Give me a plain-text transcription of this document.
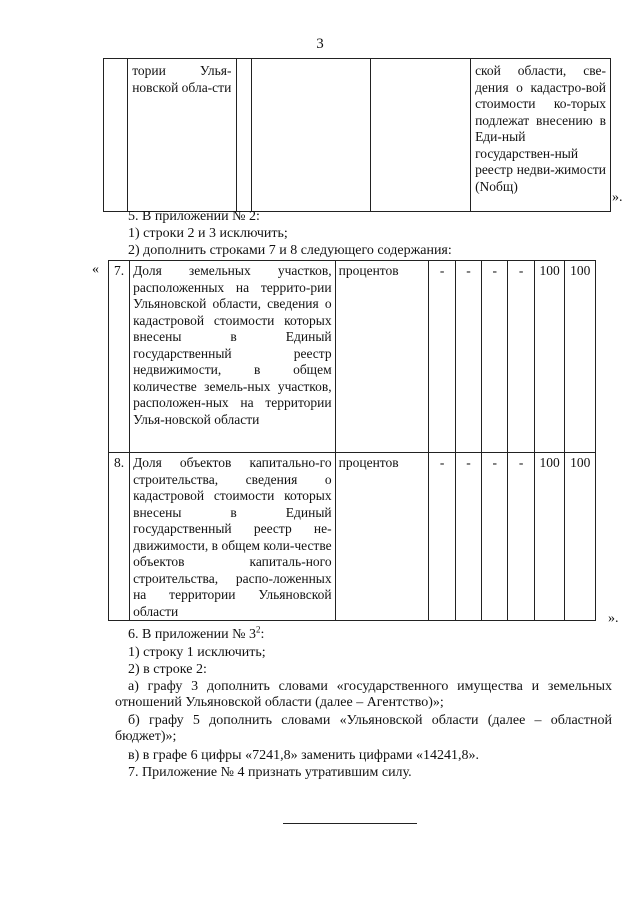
3
	тории Улья-новской обла-сти				ской области, све-дения о кадастро-вой стоимости ко-торых подлежат внесению в Еди-ный государствен-ный реестр недви-жимости (Nобщ)
».
5. В приложении № 2:
1) строки 2 и 3 исключить;
2) дополнить строками 7 и 8 следующего содержания:
« 7.	Доля земельных участков, расположенных на террито-рии Ульяновской области, сведения о кадастровой стоимости которых внесены в Единый государственный реестр недвижимости, в общем количестве земель-ных участков, расположен-ных на территории Улья-новской области	процентов	-	-	-	-	100	100
8.	Доля объектов капитально-го строительства, сведения о кадастровой стоимости которых внесены в Единый государственный реестр не-движимости, в общем коли-честве объектов капиталь-ного строительства, распо-ложенных на территории Ульяновской области	процентов	-	-	-	-	100	100
».
6. В приложении № $3^2$:
1) строку 1 исключить;
2) в строке 2:
а) графу 3 дополнить словами «государственного имущества и земельных отношений Ульяновской области (далее – Агентство)»;
б) графу 5 дополнить словами «Ульяновской области (далее – областной бюджет)»;
в) в графе 6 цифры «7241,8» заменить цифрами «14241,8».
7. Приложение № 4 признать утратившим силу.
